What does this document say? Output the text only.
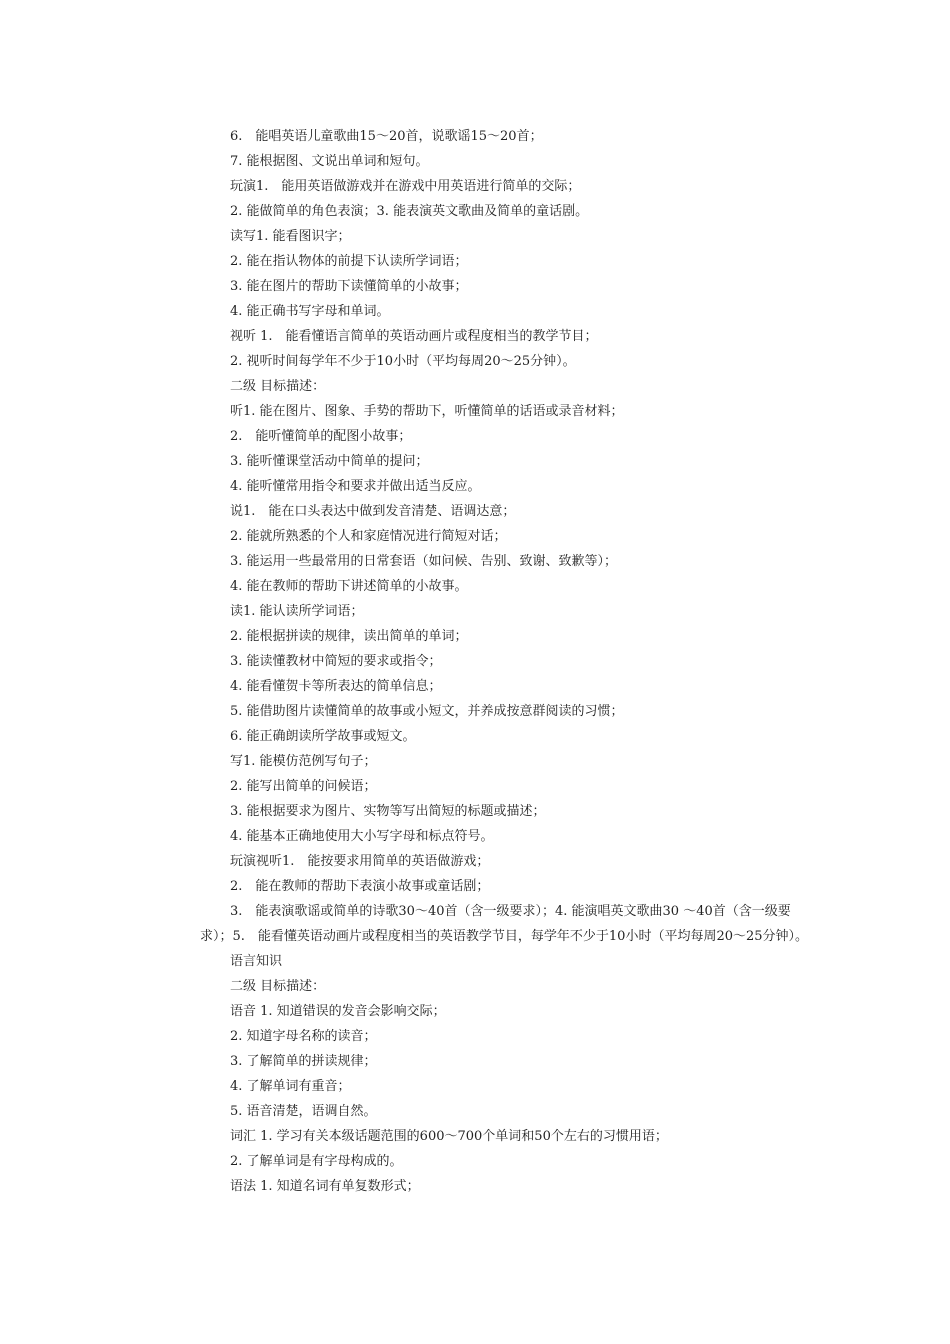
6.　能唱英语儿童歌曲15～20首，说歌谣15～20首；
7. 能根据图、文说出单词和短句。
玩演1.　能用英语做游戏并在游戏中用英语进行简单的交际；
2. 能做简单的角色表演；3. 能表演英文歌曲及简单的童话剧。
读写1. 能看图识字；
2. 能在指认物体的前提下认读所学词语；
3. 能在图片的帮助下读懂简单的小故事；
4. 能正确书写字母和单词。
视听 1.　能看懂语言简单的英语动画片或程度相当的教学节目；
2. 视听时间每学年不少于10小时（平均每周20～25分钟）。
二级 目标描述：
听1. 能在图片、图象、手势的帮助下，听懂简单的话语或录音材料；
2.　能听懂简单的配图小故事；
3. 能听懂课堂活动中简单的提问；
4. 能听懂常用指令和要求并做出适当反应。
说1.　能在口头表达中做到发音清楚、语调达意；
2. 能就所熟悉的个人和家庭情况进行简短对话；
3. 能运用一些最常用的日常套语（如问候、告别、致谢、致歉等）；
4. 能在教师的帮助下讲述简单的小故事。
读1. 能认读所学词语；
2. 能根据拼读的规律，读出简单的单词；
3. 能读懂教材中简短的要求或指令；
4. 能看懂贺卡等所表达的简单信息；
5. 能借助图片读懂简单的故事或小短文，并养成按意群阅读的习惯；
6. 能正确朗读所学故事或短文。
写1. 能模仿范例写句子；
2. 能写出简单的问候语；
3. 能根据要求为图片、实物等写出简短的标题或描述；
4. 能基本正确地使用大小写字母和标点符号。
玩演视听1.　能按要求用简单的英语做游戏；
2.　能在教师的帮助下表演小故事或童话剧；
3.　能表演歌谣或简单的诗歌30～40首（含一级要求）；4. 能演唱英文歌曲30 ～40首（含一级要求）；5.　能看懂英语动画片或程度相当的英语教学节目，每学年不少于10小时（平均每周20～25分钟）。
语言知识
二级 目标描述：
语音 1. 知道错误的发音会影响交际；
2. 知道字母名称的读音；
3. 了解简单的拼读规律；
4. 了解单词有重音；
5. 语音清楚，语调自然。
词汇 1. 学习有关本级话题范围的600～700个单词和50个左右的习惯用语；
2. 了解单词是有字母构成的。
语法 1. 知道名词有单复数形式；
